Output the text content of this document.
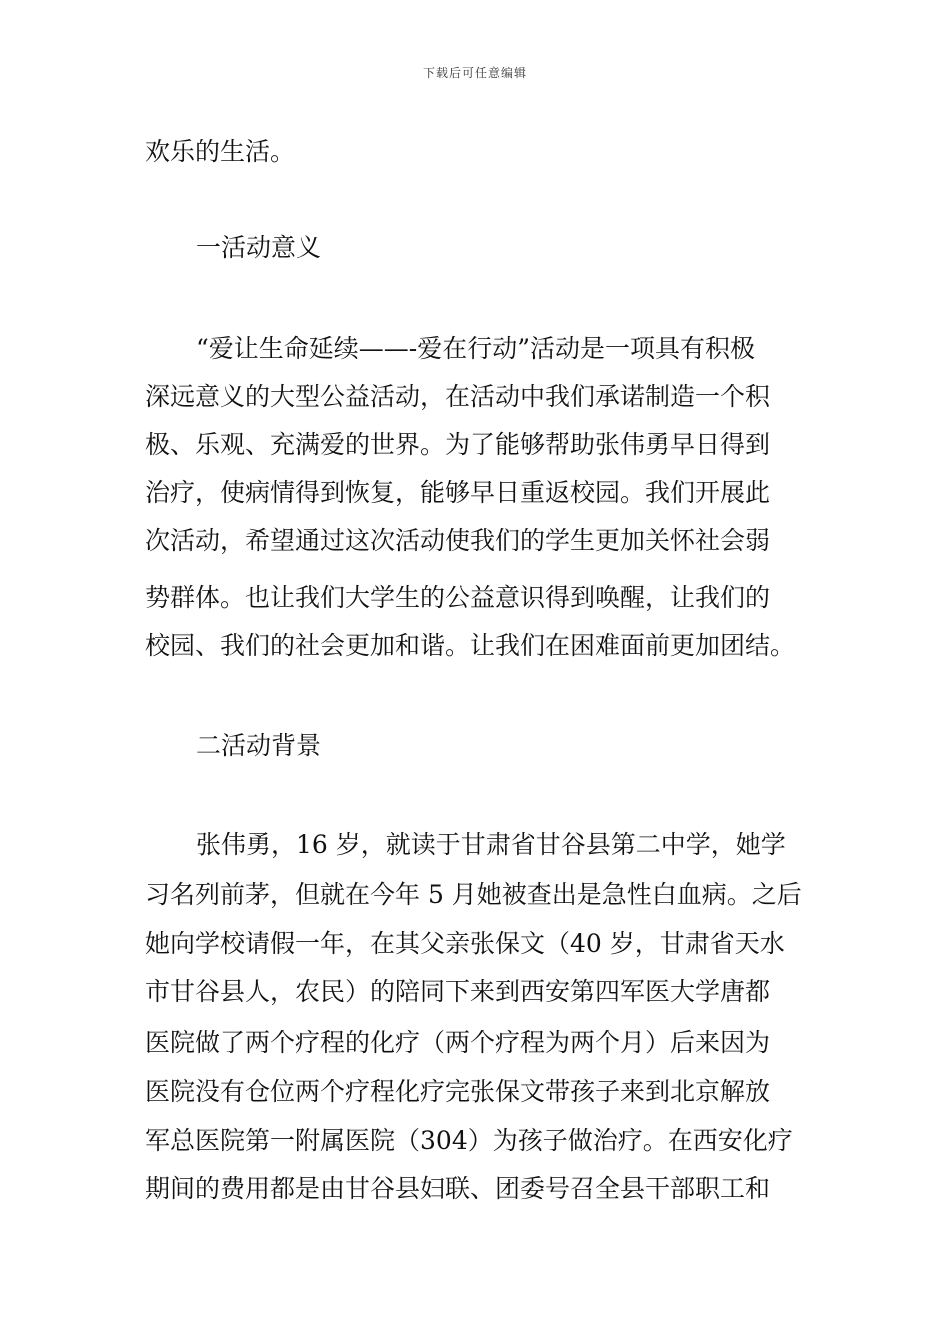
下载后可任意编辑
欢乐的生活。
一活动意义
“爱让生命延续——-爱在行动”活动是一项具有积极
深远意义的大型公益活动，在活动中我们承诺制造一个积
极、乐观、充满爱的世界。为了能够帮助张伟勇早日得到
治疗，使病情得到恢复，能够早日重返校园。我们开展此
次活动，希望通过这次活动使我们的学生更加关怀社会弱
势群体。也让我们大学生的公益意识得到唤醒，让我们的
校园、我们的社会更加和谐。让我们在困难面前更加团结。
二活动背景
张伟勇，16 岁，就读于甘肃省甘谷县第二中学，她学
习名列前茅，但就在今年 5 月她被查出是急性白血病。之后
她向学校请假一年，在其父亲张保文（40 岁，甘肃省天水
市甘谷县人，农民）的陪同下来到西安第四军医大学唐都
医院做了两个疗程的化疗（两个疗程为两个月）后来因为
医院没有仓位两个疗程化疗完张保文带孩子来到北京解放
军总医院第一附属医院（304）为孩子做治疗。在西安化疗
期间的费用都是由甘谷县妇联、团委号召全县干部职工和
